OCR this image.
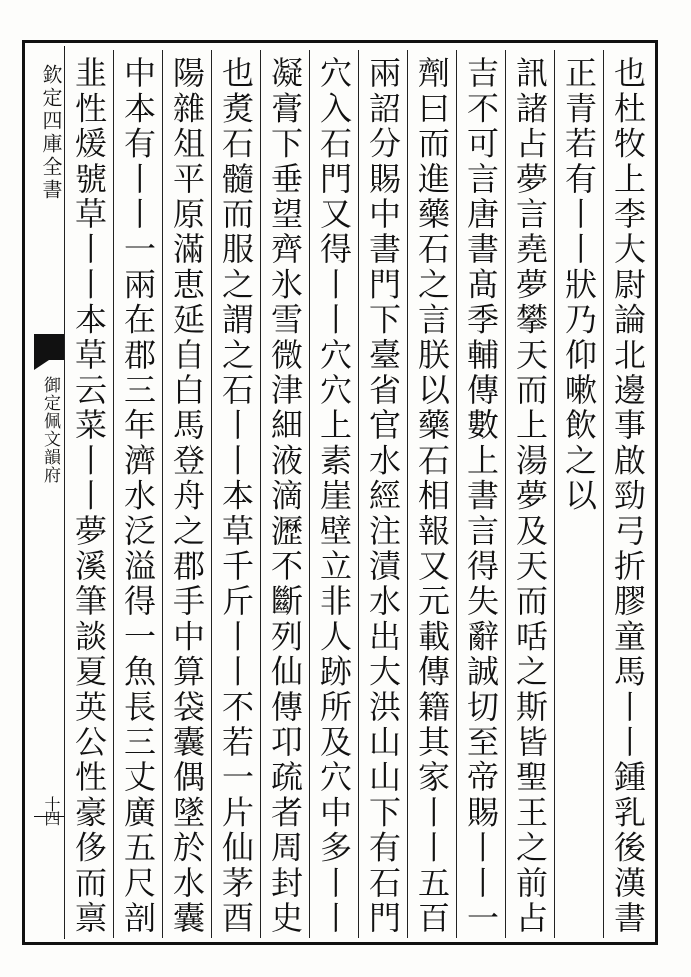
欽定四庫全書
御定佩文韻府
十四
也杜牧上李大尉論北邊事啟勁弓折膠童馬丨丨鍾乳後漢書
正青若有丨丨狀乃仰嗽飲之以
訊諸占夢言堯夢攀天而上湯夢及天而咶之斯皆聖王之前占
吉不可言唐書髙季輔傳數上書言得失辭誠切至帝賜丨丨一
劑曰而進藥石之言朕以藥石相報又元載傳籍其家丨丨五百
兩詔分賜中書門下臺省官水經注漬水出大洪山山下有石門
穴入石門又得丨丨穴穴上素崖壁立非人跡所及穴中多丨丨
凝膏下垂望齊氷雪微津細液滴瀝不斷列仙傳卭疏者周封史
也煑石髓而服之謂之石丨丨本草千斤丨丨不若一片仙茅酉
陽雜俎平原滿恵延自白馬登舟之郡手中算袋囊偶墜於水囊
中本有丨丨一兩在郡三年濟水泛溢得一魚長三丈廣五尺剖
韭性煖號草丨丨本草云菜丨丨夢溪筆談夏英公性豪侈而禀
